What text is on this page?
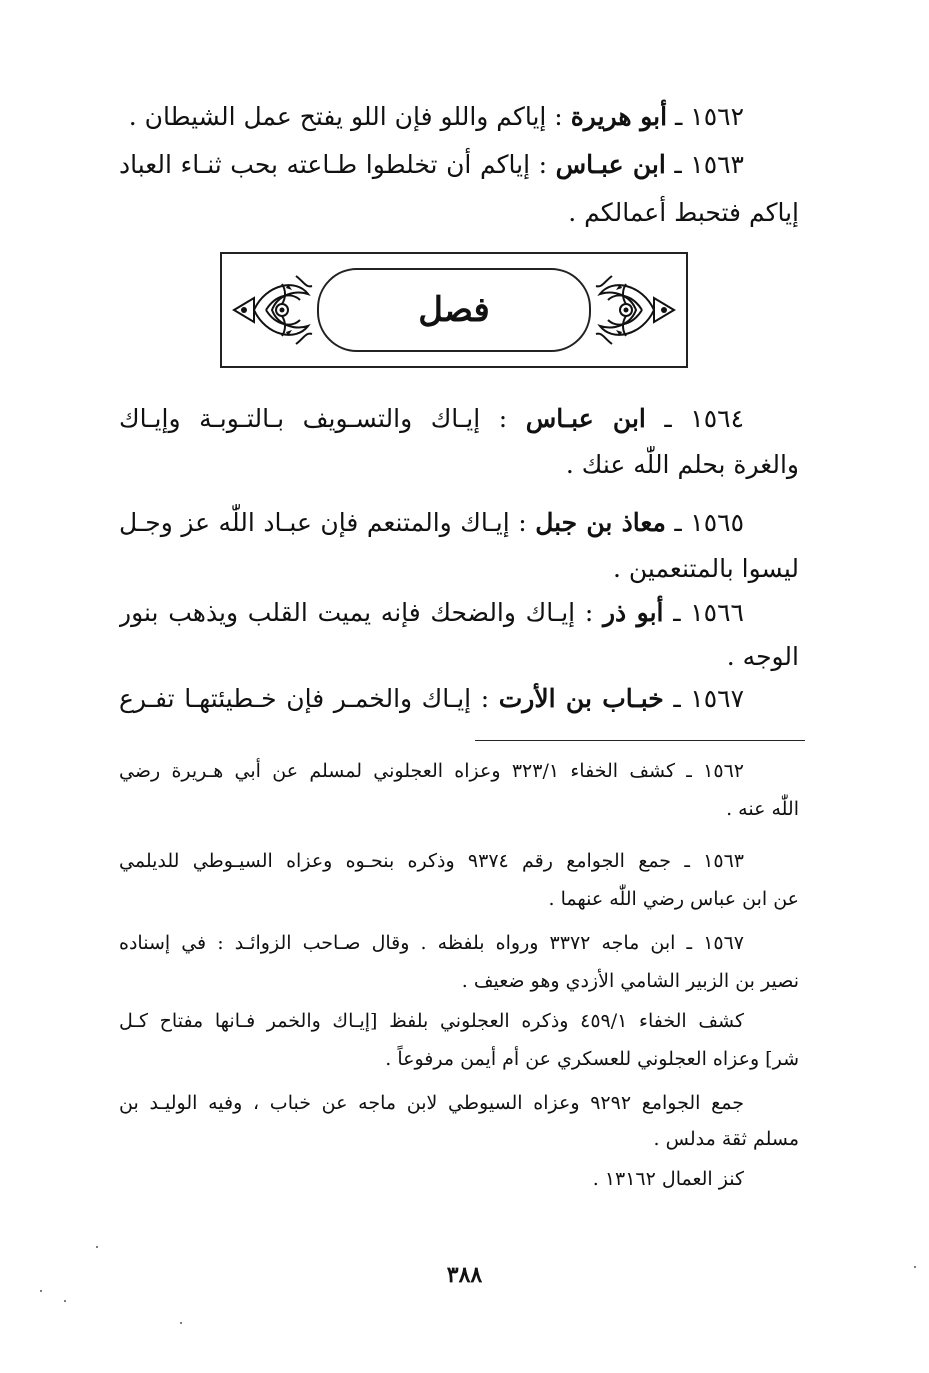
١٥٦٢ ـ أبو هريرة : إياكم واللو فإن اللو يفتح عمل الشيطان .
١٥٦٣ ـ ابن عبـاس : إياكم أن تخلطوا طـاعته بحب ثنـاء العباد
إياكم فتحبط أعمالكم .
فصل
١٥٦٤ ـ ابن عبـاس : إيـاك والتسـويف بـالتـوبـة وإيـاك
والغرة بحلم اللّٰه عنك .
١٥٦٥ ـ معاذ بن جبل : إيـاك والمتنعم فإن عبـاد اللّٰه عز وجـل
ليسوا بالمتنعمين .
١٥٦٦ ـ أبو ذر : إيـاك والضحك فإنه يميت القلب ويذهب بنور
الوجه .
١٥٦٧ ـ خبـاب بن الأرت : إيـاك والخمـر فإن خـطيئتهـا تفـرع
١٥٦٢ ـ كشف الخفاء ٣٢٣/١ وعزاه العجلوني لمسلم عن أبي هـريرة رضي
اللّٰه عنه .
١٥٦٣ ـ جمع الجوامع رقم ٩٣٧٤ وذكره بنحـوه وعزاه السيـوطي للديلمي
عن ابن عباس رضي اللّٰه عنهما .
١٥٦٧ ـ ابن ماجه ٣٣٧٢ ورواه بلفظه . وقال صـاحب الزوائـد : في إسناده
نصير بن الزبير الشامي الأزدي وهو ضعيف .
كشف الخفاء ٤٥٩/١ وذكره العجلوني بلفظ [إيـاك والخمر فـانها مفتاح كـل
شر] وعزاه العجلوني للعسكري عن أم أيمن مرفوعاً .
جمع الجوامع ٩٢٩٢ وعزاه السيوطي لابن ماجه عن خباب ، وفيه الوليـد بن
مسلم ثقة مدلس .
كنز العمال ١٣١٦٢ .
٣٨٨
